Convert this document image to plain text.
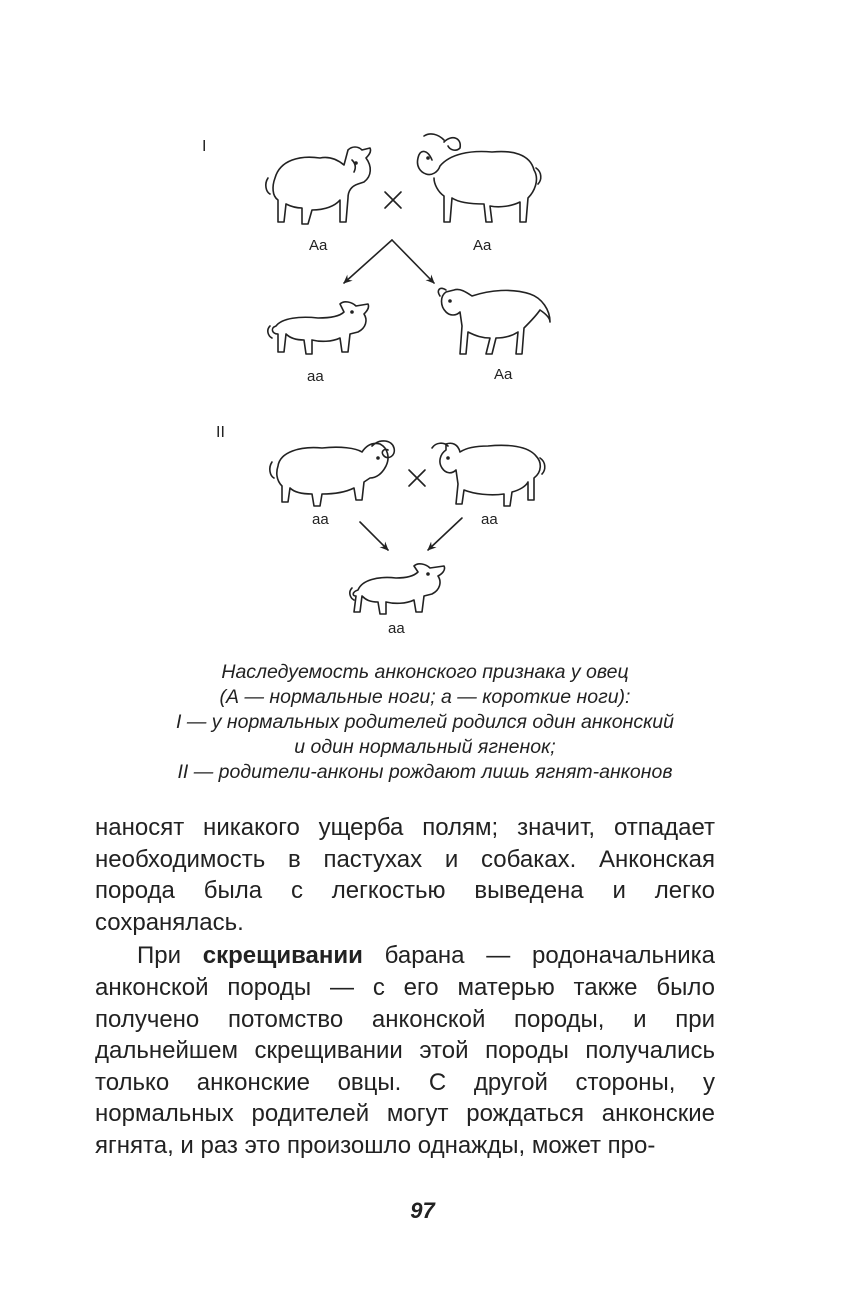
I
Aa	Aa
aa	Aa
II
aa	aa
aa
Наследуемость анконского признака у овец
(А — нормальные ноги; а — короткие ноги):
I — у нормальных родителей родился один анконский
и один нормальный ягненок;
II — родители-анконы рождают лишь ягнят-анконов

наносят никакого ущерба полям; значит, отпадает необходимость в пастухах и собаках. Анконская порода была с легкостью выведена и легко сохранялась.

При скрещивании барана — родоначальника анконской породы — с его матерью также было получено потомство анконской породы, и при дальнейшем скрещивании этой породы получались только анконские овцы. С другой стороны, у нормальных родителей могут рождаться анконские ягнята, и раз это произошло однажды, может про-

97
